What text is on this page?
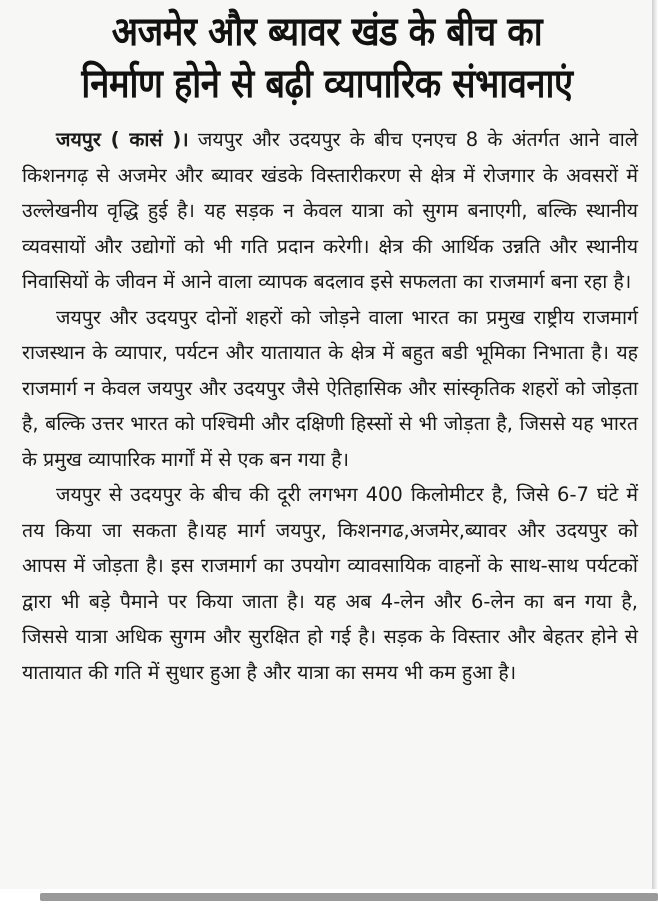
अजमेर और ब्यावर खंड के बीच का
निर्माण होने से बढ़ी व्यापारिक संभावनाएं

जयपुर ( कासं )। जयपुर और उदयपुर के बीच एनएच 8 के अंतर्गत आने वाले किशनगढ़ से अजमेर और ब्यावर खंडके विस्तारीकरण से क्षेत्र में रोजगार के अवसरों में उल्लेखनीय वृद्धि हुई है। यह सड़क न केवल यात्रा को सुगम बनाएगी, बल्कि स्थानीय व्यवसायों और उद्योगों को भी गति प्रदान करेगी। क्षेत्र की आर्थिक उन्नति और स्थानीय निवासियों के जीवन में आने वाला व्यापक बदलाव इसे सफलता का राजमार्ग बना रहा है।

जयपुर और उदयपुर दोनों शहरों को जोड़ने वाला भारत का प्रमुख राष्ट्रीय राजमार्ग राजस्थान के व्यापार, पर्यटन और यातायात के क्षेत्र में बहुत बडी भूमिका निभाता है। यह राजमार्ग न केवल जयपुर और उदयपुर जैसे ऐतिहासिक और सांस्कृतिक शहरों को जोड़ता है, बल्कि उत्तर भारत को पश्चिमी और दक्षिणी हिस्सों से भी जोड़ता है, जिससे यह भारत के प्रमुख व्यापारिक मार्गों में से एक बन गया है।

जयपुर से उदयपुर के बीच की दूरी लगभग 400 किलोमीटर है, जिसे 6-7 घंटे में तय किया जा सकता है।यह मार्ग जयपुर, किशनगढ,अजमेर,ब्यावर और उदयपुर को आपस में जोड़ता है। इस राजमार्ग का उपयोग व्यावसायिक वाहनों के साथ-साथ पर्यटकों द्वारा भी बड़े पैमाने पर किया जाता है। यह अब 4-लेन और 6-लेन का बन गया है, जिससे यात्रा अधिक सुगम और सुरक्षित हो गई है। सड़क के विस्तार और बेहतर होने से यातायात की गति में सुधार हुआ है और यात्रा का समय भी कम हुआ है।
